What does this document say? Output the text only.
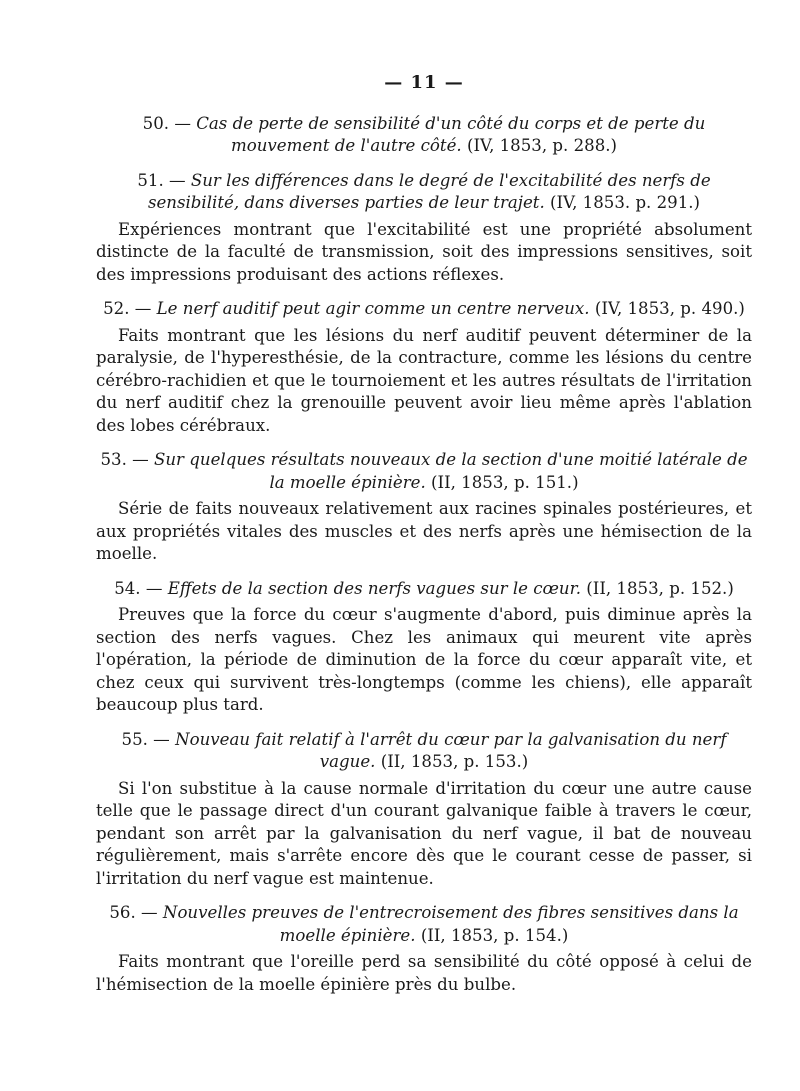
— 11 —

50. — Cas de perte de sensibilité d'un côté du corps et de perte du mouvement de l'autre côté. (IV, 1853, p. 288.)

51. — Sur les différences dans le degré de l'excitabilité des nerfs de sensibilité, dans diverses parties de leur trajet. (IV, 1853. p. 291.)

Expériences montrant que l'excitabilité est une propriété absolument distincte de la faculté de transmission, soit des impressions sensitives, soit des impressions produisant des actions réflexes.

52. — Le nerf auditif peut agir comme un centre nerveux. (IV, 1853, p. 490.)

Faits montrant que les lésions du nerf auditif peuvent déterminer de la paralysie, de l'hyperesthésie, de la contracture, comme les lésions du centre cérébro-rachidien et que le tournoiement et les autres résultats de l'irritation du nerf auditif chez la grenouille peuvent avoir lieu même après l'ablation des lobes cérébraux.

53. — Sur quelques résultats nouveaux de la section d'une moitié latérale de la moelle épinière. (II, 1853, p. 151.)

Série de faits nouveaux relativement aux racines spinales postérieures, et aux propriétés vitales des muscles et des nerfs après une hémisection de la moelle.

54. — Effets de la section des nerfs vagues sur le cœur. (II, 1853, p. 152.)

Preuves que la force du cœur s'augmente d'abord, puis diminue après la section des nerfs vagues. Chez les animaux qui meurent vite après l'opération, la période de diminution de la force du cœur apparaît vite, et chez ceux qui survivent très-longtemps (comme les chiens), elle apparaît beaucoup plus tard.

55. — Nouveau fait relatif à l'arrêt du cœur par la galvanisation du nerf vague. (II, 1853, p. 153.)

Si l'on substitue à la cause normale d'irritation du cœur une autre cause telle que le passage direct d'un courant galvanique faible à travers le cœur, pendant son arrêt par la galvanisation du nerf vague, il bat de nouveau régulièrement, mais s'arrête encore dès que le courant cesse de passer, si l'irritation du nerf vague est maintenue.

56. — Nouvelles preuves de l'entrecroisement des fibres sensitives dans la moelle épinière. (II, 1853, p. 154.)

Faits montrant que l'oreille perd sa sensibilité du côté opposé à celui de l'hémisection de la moelle épinière près du bulbe.
